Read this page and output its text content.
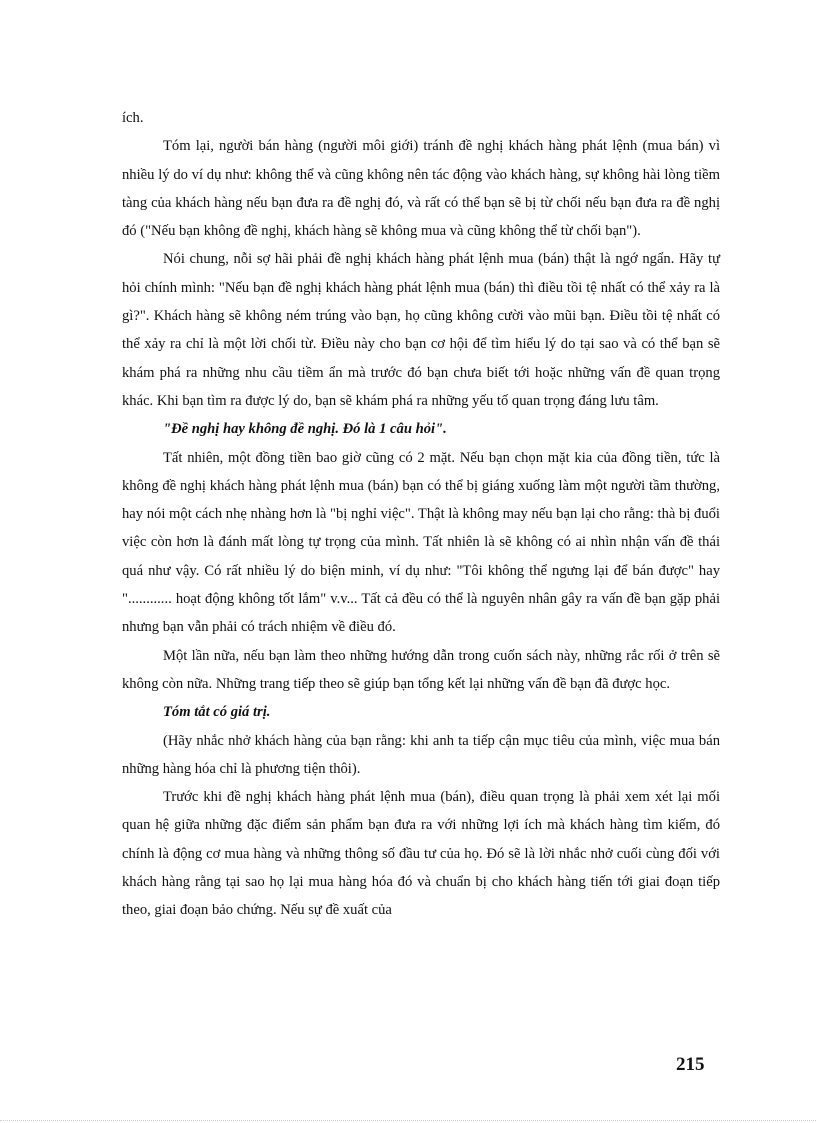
ích.

Tóm lại, người bán hàng (người môi giới) tránh đề nghị khách hàng phát lệnh (mua bán) vì nhiều lý do ví dụ như: không thể và cũng không nên tác động vào khách hàng, sự không hài lòng tiềm tàng của khách hàng nếu bạn đưa ra đề nghị đó, và rất có thể bạn sẽ bị từ chối nếu bạn đưa ra đề nghị đó ("Nếu bạn không đề nghị, khách hàng sẽ không mua và cũng không thể từ chối bạn").

Nói chung, nỗi sợ hãi phải đề nghị khách hàng phát lệnh mua (bán) thật là ngớ ngẩn. Hãy tự hỏi chính mình: "Nếu bạn đề nghị khách hàng phát lệnh mua (bán) thì điều tồi tệ nhất có thể xảy ra là gì?". Khách hàng sẽ không ném trúng vào bạn, họ cũng không cười vào mũi bạn. Điều tồi tệ nhất có thể xảy ra chỉ là một lời chối từ. Điều này cho bạn cơ hội để tìm hiểu lý do tại sao và có thể bạn sẽ khám phá ra những nhu cầu tiềm ẩn mà trước đó bạn chưa biết tới hoặc những vấn đề quan trọng khác. Khi bạn tìm ra được lý do, bạn sẽ khám phá ra những yếu tố quan trọng đáng lưu tâm.

"Đề nghị hay không đề nghị. Đó là 1 câu hỏi".

Tất nhiên, một đồng tiền bao giờ cũng có 2 mặt. Nếu bạn chọn mặt kia của đồng tiền, tức là không đề nghị khách hàng phát lệnh mua (bán) bạn có thể bị giáng xuống làm một người tầm thường, hay nói một cách nhẹ nhàng hơn là "bị nghỉ việc". Thật là không may nếu bạn lại cho rằng: thà bị đuổi việc còn hơn là đánh mất lòng tự trọng của mình. Tất nhiên là sẽ không có ai nhìn nhận vấn đề thái quá như vậy. Có rất nhiều lý do biện minh, ví dụ như: "Tôi không thể ngưng lại để bán được" hay "............ hoạt động không tốt lắm" v.v... Tất cả đều có thể là nguyên nhân gây ra vấn đề bạn gặp phải nhưng bạn vẫn phải có trách nhiệm về điều đó.

Một lần nữa, nếu bạn làm theo những hướng dẫn trong cuốn sách này, những rắc rối ở trên sẽ không còn nữa. Những trang tiếp theo sẽ giúp bạn tổng kết lại những vấn đề bạn đã được học.

Tóm tắt có giá trị.

(Hãy nhắc nhở khách hàng của bạn rằng: khi anh ta tiếp cận mục tiêu của mình, việc mua bán những hàng hóa chỉ là phương tiện thôi).

Trước khi đề nghị khách hàng phát lệnh mua (bán), điều quan trọng là phải xem xét lại mối quan hệ giữa những đặc điểm sản phẩm bạn đưa ra với những lợi ích mà khách hàng tìm kiếm, đó chính là động cơ mua hàng và những thông số đầu tư của họ. Đó sẽ là lời nhắc nhở cuối cùng đối với khách hàng rằng tại sao họ lại mua hàng hóa đó và chuẩn bị cho khách hàng tiến tới giai đoạn tiếp theo, giai đoạn bảo chứng. Nếu sự đề xuất của

215
